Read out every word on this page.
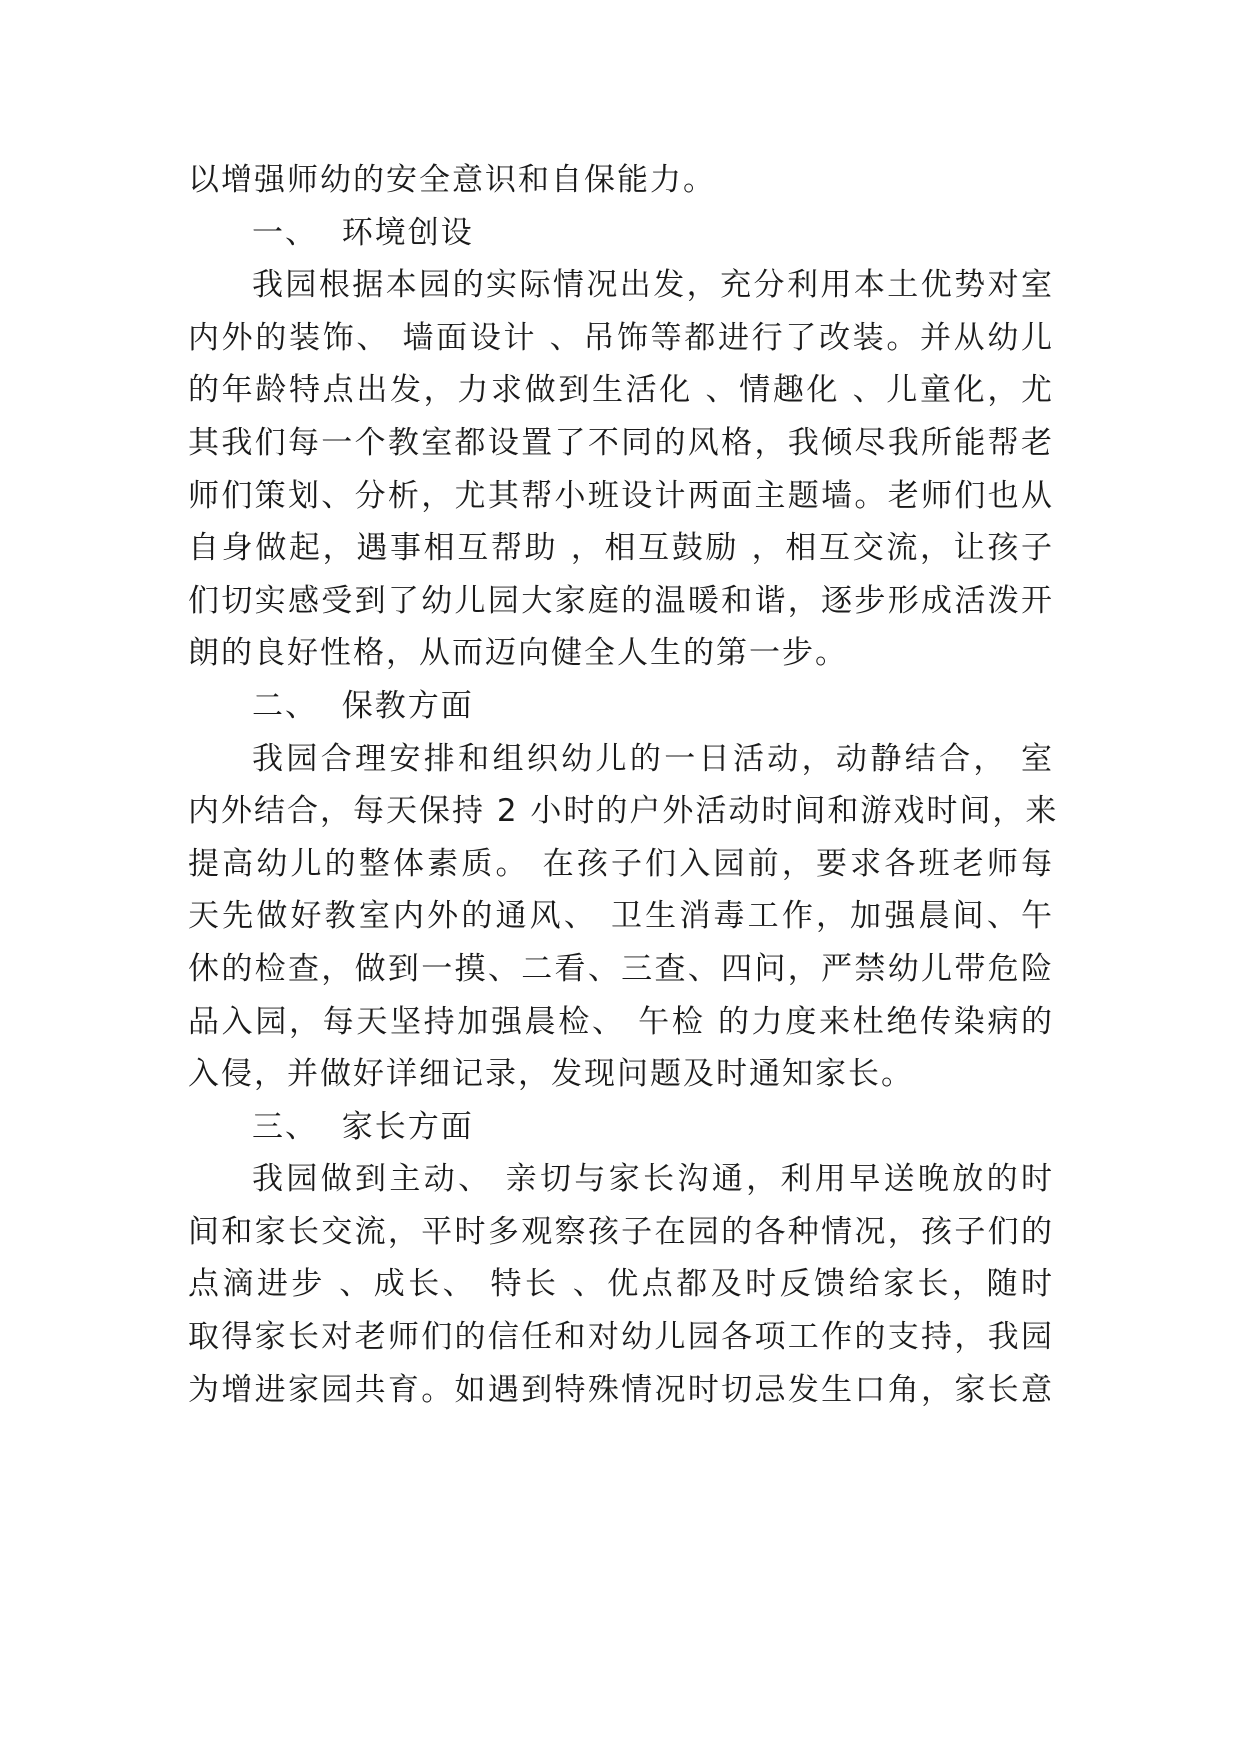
以增强师幼的安全意识和自保能力。
一、  环境创设
我园根据本园的实际情况出发，充分利用本土优势对室
内外的装饰、 墙面设计 、吊饰等都进行了改装。并从幼儿
的年龄特点出发，力求做到生活化 、情趣化 、儿童化，尤
其我们每一个教室都设置了不同的风格，我倾尽我所能帮老
师们策划、分析，尤其帮小班设计两面主题墙。老师们也从
自身做起，遇事相互帮助 ，相互鼓励 ，相互交流，让孩子
们切实感受到了幼儿园大家庭的温暖和谐，逐步形成活泼开
朗的良好性格，从而迈向健全人生的第一步。
二、  保教方面
我园合理安排和组织幼儿的一日活动，动静结合， 室
内外结合，每天保持 2 小时的户外活动时间和游戏时间，来
提高幼儿的整体素质。 在孩子们入园前，要求各班老师每
天先做好教室内外的通风、 卫生消毒工作，加强晨间、午
休的检查，做到一摸、二看、三查、四问，严禁幼儿带危险
品入园，每天坚持加强晨检、 午检 的力度来杜绝传染病的
入侵，并做好详细记录，发现问题及时通知家长。
三、  家长方面
我园做到主动、 亲切与家长沟通，利用早送晚放的时
间和家长交流，平时多观察孩子在园的各种情况，孩子们的
点滴进步 、成长、 特长 、优点都及时反馈给家长，随时
取得家长对老师们的信任和对幼儿园各项工作的支持，我园
为增进家园共育。如遇到特殊情况时切忌发生口角，家长意
